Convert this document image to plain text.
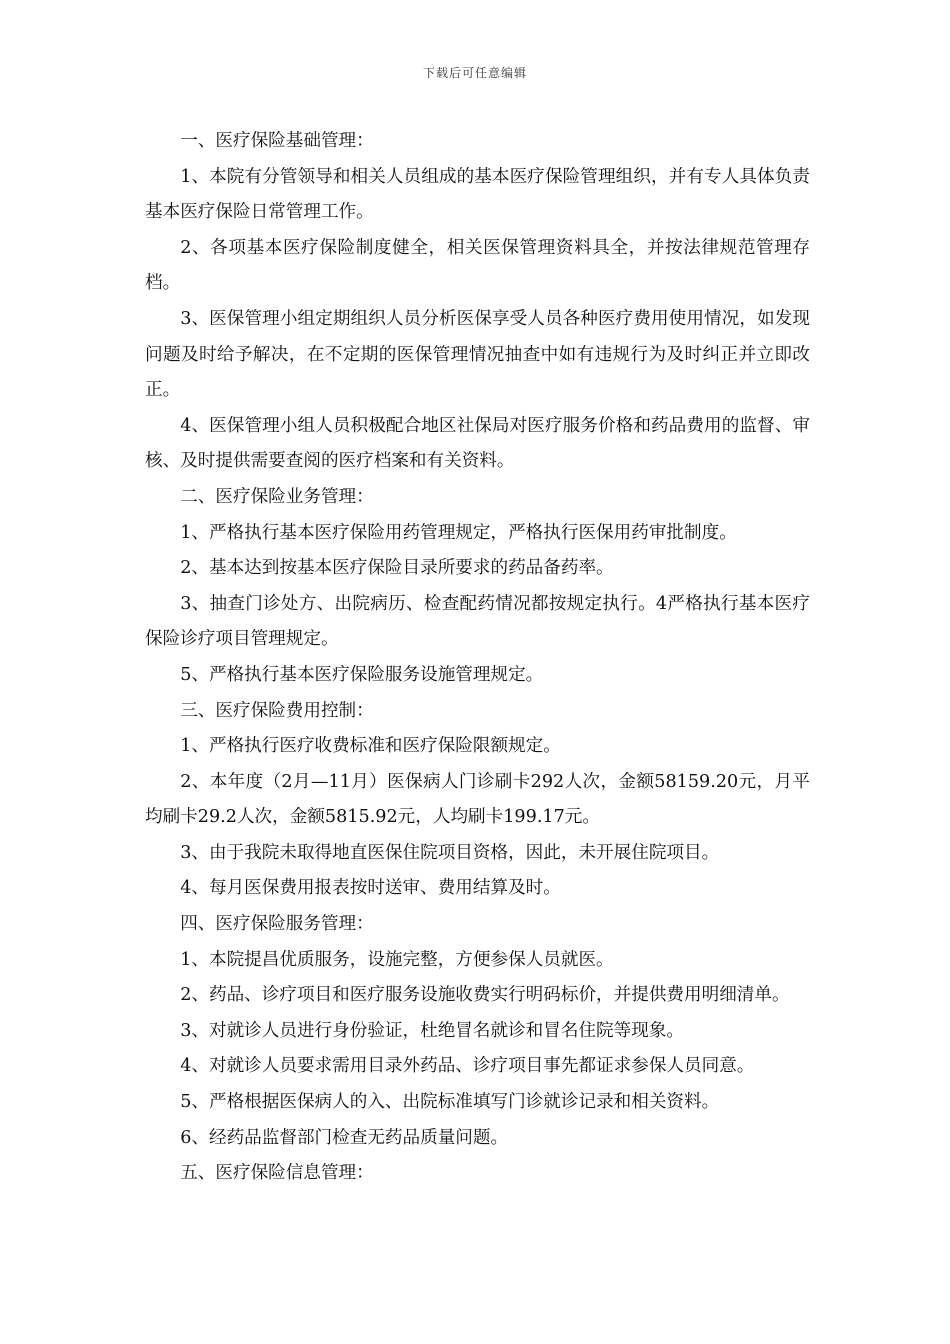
下载后可任意编辑

一、医疗保险基础管理：

1、本院有分管领导和相关人员组成的基本医疗保险管理组织，并有专人具体负责基本医疗保险日常管理工作。

2、各项基本医疗保险制度健全，相关医保管理资料具全，并按法律规范管理存档。

3、医保管理小组定期组织人员分析医保享受人员各种医疗费用使用情况，如发现问题及时给予解决，在不定期的医保管理情况抽查中如有违规行为及时纠正并立即改正。

4、医保管理小组人员积极配合地区社保局对医疗服务价格和药品费用的监督、审核、及时提供需要查阅的医疗档案和有关资料。

二、医疗保险业务管理：

1、严格执行基本医疗保险用药管理规定，严格执行医保用药审批制度。

2、基本达到按基本医疗保险目录所要求的药品备药率。

3、抽查门诊处方、出院病历、检查配药情况都按规定执行。4严格执行基本医疗保险诊疗项目管理规定。

5、严格执行基本医疗保险服务设施管理规定。

三、医疗保险费用控制：

1、严格执行医疗收费标准和医疗保险限额规定。

2、本年度（2月—11月）医保病人门诊刷卡292人次，金额58159.20元，月平均刷卡29.2人次，金额5815.92元，人均刷卡199.17元。

3、由于我院未取得地直医保住院项目资格，因此，未开展住院项目。

4、每月医保费用报表按时送审、费用结算及时。

四、医疗保险服务管理：

1、本院提昌优质服务，设施完整，方便参保人员就医。

2、药品、诊疗项目和医疗服务设施收费实行明码标价，并提供费用明细清单。

3、对就诊人员进行身份验证，杜绝冒名就诊和冒名住院等现象。

4、对就诊人员要求需用目录外药品、诊疗项目事先都证求参保人员同意。

5、严格根据医保病人的入、出院标准填写门诊就诊记录和相关资料。

6、经药品监督部门检查无药品质量问题。

五、医疗保险信息管理：
